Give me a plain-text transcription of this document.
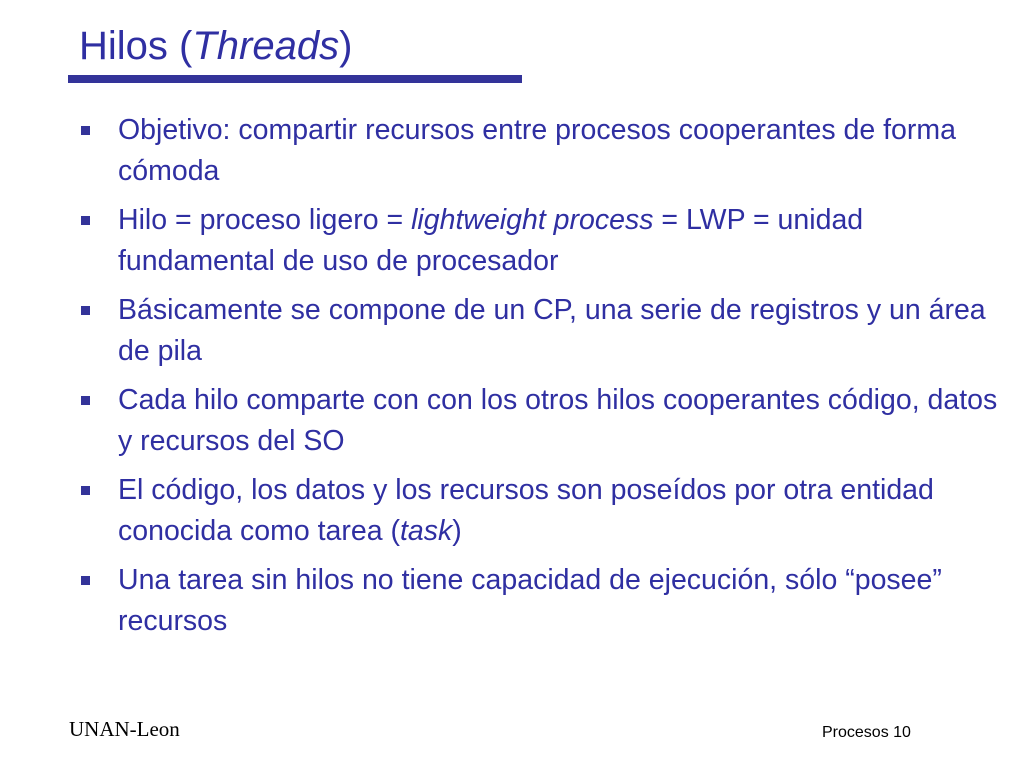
Hilos (Threads)
Objetivo: compartir recursos entre procesos cooperantes de forma cómoda
Hilo = proceso ligero = lightweight process = LWP = unidad fundamental de uso de procesador
Básicamente se compone de un CP, una serie de registros y un área de pila
Cada hilo comparte con con los otros hilos cooperantes código, datos y recursos del SO
El código, los datos y los recursos son poseídos por otra entidad conocida como tarea (task)
Una tarea sin hilos no tiene capacidad de ejecución, sólo “posee” recursos
UNAN-Leon	Procesos 10
